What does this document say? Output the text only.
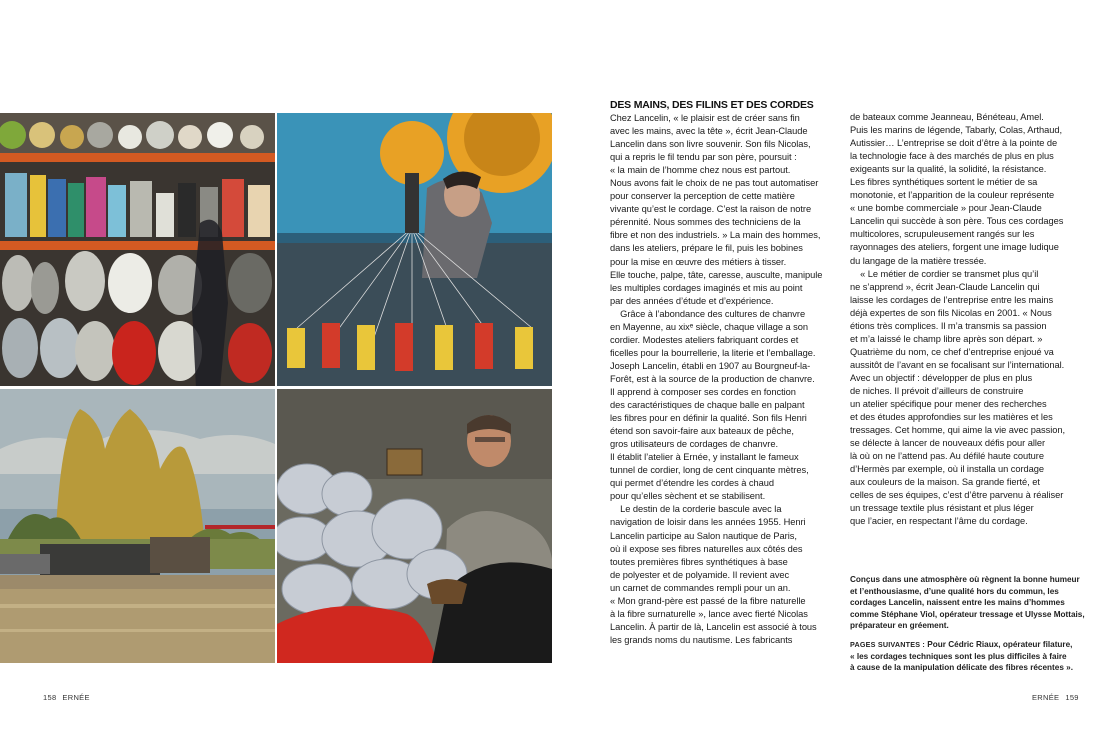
DES MAINS, DES FILINS ET DES CORDES

Chez Lancelin, « le plaisir est de créer sans fin

avec les mains, avec la tête », écrit Jean-Claude

Lancelin dans son livre souvenir. Son fils Nicolas,

qui a repris le fil tendu par son père, poursuit :

« la main de l’homme chez nous est partout.

Nous avons fait le choix de ne pas tout automatiser

pour conserver la perception de cette matière

vivante qu’est le cordage. C’est la raison de notre

pérennité. Nous sommes des techniciens de la

fibre et non des industriels. » La main des hommes,

dans les ateliers, prépare le fil, puis les bobines

pour la mise en œuvre des métiers à tisser.

Elle touche, palpe, tâte, caresse, ausculte, manipule

les multiples cordages imaginés et mis au point

par des années d’étude et d’expérience.

Grâce à l’abondance des cultures de chanvre

en Mayenne, au xixᵉ siècle, chaque village a son

cordier. Modestes ateliers fabriquant cordes et

ficelles pour la bourrellerie, la literie et l’emballage.

Joseph Lancelin, établi en 1907 au Bourgneuf-la-

Forêt, est à la source de la production de chanvre.

Il apprend à composer ses cordes en fonction

des caractéristiques de chaque balle en palpant

les fibres pour en définir la qualité. Son fils Henri

étend son savoir-faire aux bateaux de pêche,

gros utilisateurs de cordages de chanvre.

Il établit l’atelier à Ernée, y installant le fameux

tunnel de cordier, long de cent cinquante mètres,

qui permet d’étendre les cordes à chaud

pour qu’elles sèchent et se stabilisent.

Le destin de la corderie bascule avec la

navigation de loisir dans les années 1955. Henri

Lancelin participe au Salon nautique de Paris,

où il expose ses fibres naturelles aux côtés des

toutes premières fibres synthétiques à base

de polyester et de polyamide. Il revient avec

un carnet de commandes rempli pour un an.

« Mon grand-père est passé de la fibre naturelle

à la fibre surnaturelle », lance avec fierté Nicolas

Lancelin. À partir de là, Lancelin est associé à tous

les grands noms du nautisme. Les fabricants

de bateaux comme Jeanneau, Bénéteau, Amel.

Puis les marins de légende, Tabarly, Colas, Arthaud,

Autissier… L’entreprise se doit d’être à la pointe de

la technologie face à des marchés de plus en plus

exigeants sur la qualité, la solidité, la résistance.

Les fibres synthétiques sortent le métier de sa

monotonie, et l’apparition de la couleur représente

« une bombe commerciale » pour Jean-Claude

Lancelin qui succède à son père. Tous ces cordages

multicolores, scrupuleusement rangés sur les

rayonnages des ateliers, forgent une image ludique

du langage de la matière tressée.

« Le métier de cordier se transmet plus qu’il

ne s’apprend », écrit Jean-Claude Lancelin qui

laisse les cordages de l’entreprise entre les mains

déjà expertes de son fils Nicolas en 2001. « Nous

étions très complices. Il m’a transmis sa passion

et m’a laissé le champ libre après son départ. »

Quatrième du nom, ce chef d’entreprise enjoué va

aussitôt de l’avant en se focalisant sur l’international.

Avec un objectif : développer de plus en plus

de niches. Il prévoit d’ailleurs de construire

un atelier spécifique pour mener des recherches

et des études approfondies sur les matières et les

tressages. Cet homme, qui aime la vie avec passion,

se délecte à lancer de nouveaux défis pour aller

là où on ne l’attend pas. Au défilé haute couture

d’Hermès par exemple, où il installa un cordage

aux couleurs de la maison. Sa grande fierté, et

celles de ses équipes, c’est d’être parvenu à réaliser

un tressage textile plus résistant et plus léger

que l’acier, en respectant l’âme du cordage.

Conçus dans une atmosphère où règnent la bonne humeur

et l’enthousiasme, d’une qualité hors du commun, les

cordages Lancelin, naissent entre les mains d’hommes

comme Stéphane Viol, opérateur tressage et Ulysse Mottais,

préparateur en gréement.

PAGES SUIVANTES : Pour Cédric Riaux, opérateur filature,

« les cordages techniques sont les plus difficiles à faire

à cause de la manipulation délicate des fibres récentes ».

158 ERNÉE	ERNÉE 159
